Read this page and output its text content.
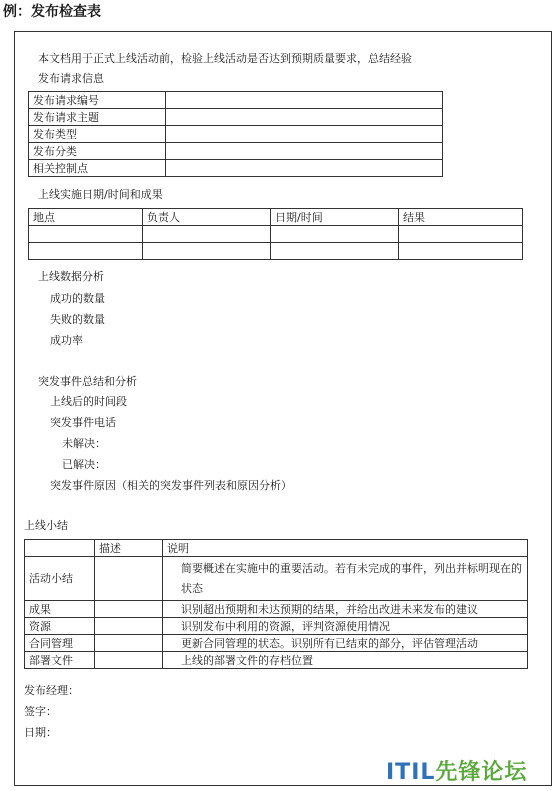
例：发布检查表
本文档用于正式上线活动前，检验上线活动是否达到预期质量要求，总结经验
发布请求信息
发布请求编号	
发布请求主题	
发布类型	
发布分类	
相关控制点	
上线实施日期/时间和成果
地点	负责人	日期/时间	结果

上线数据分析
成功的数量
失败的数量
成功率
突发事件总结和分析
上线后的时间段
突发事件电话
未解决：
已解决：
突发事件原因（相关的突发事件列表和原因分析）
上线小结
	描述	说明
活动小结		简要概述在实施中的重要活动。若有未完成的事件，列出并标明现在的状态
成果		识别超出预期和未达预期的结果，并给出改进未来发布的建议
资源		识别发布中利用的资源，评判资源使用情况
合同管理		更新合同管理的状态。识别所有已结束的部分，评估管理活动
部署文件		上线的部署文件的存档位置
发布经理：
签字：
日期：
ITIL先锋论坛
